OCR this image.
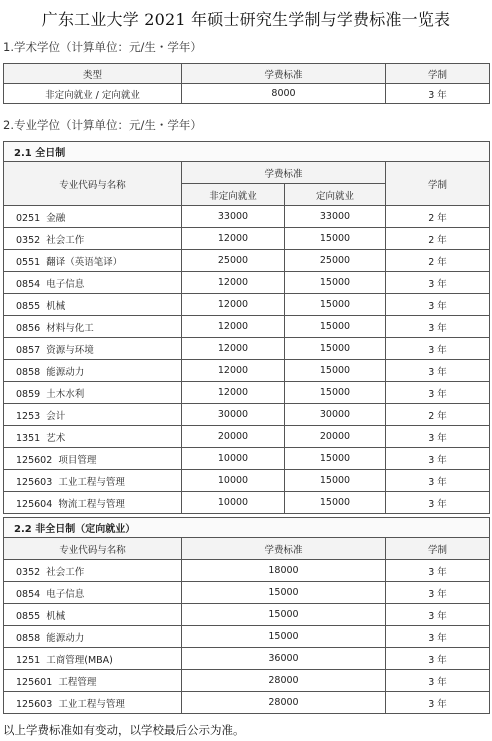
广东工业大学 2021 年硕士研究生学制与学费标准一览表
1.学术学位（计算单位：元/生・学年）
类型	学费标准	学制
非定向就业 / 定向就业	8000	3 年
2.专业学位（计算单位：元/生・学年）
2.1 全日制			
专业代码与名称	学费标准		学制
	非定向就业	定向就业	
0251 金融	33000	33000	2 年
0352 社会工作	12000	15000	2 年
0551 翻译（英语笔译）	25000	25000	2 年
0854 电子信息	12000	15000	3 年
0855 机械	12000	15000	3 年
0856 材料与化工	12000	15000	3 年
0857 资源与环境	12000	15000	3 年
0858 能源动力	12000	15000	3 年
0859 土木水利	12000	15000	3 年
1253 会计	30000	30000	2 年
1351 艺术	20000	20000	3 年
125602 项目管理	10000	15000	3 年
125603 工业工程与管理	10000	15000	3 年
125604 物流工程与管理	10000	15000	3 年
2.2 非全日制（定向就业）		
专业代码与名称	学费标准	学制
0352 社会工作	18000	3 年
0854 电子信息	15000	3 年
0855 机械	15000	3 年
0858 能源动力	15000	3 年
1251 工商管理(MBA)	36000	3 年
125601 工程管理	28000	3 年
125603 工业工程与管理	28000	3 年
以上学费标准如有变动，以学校最后公示为准。
